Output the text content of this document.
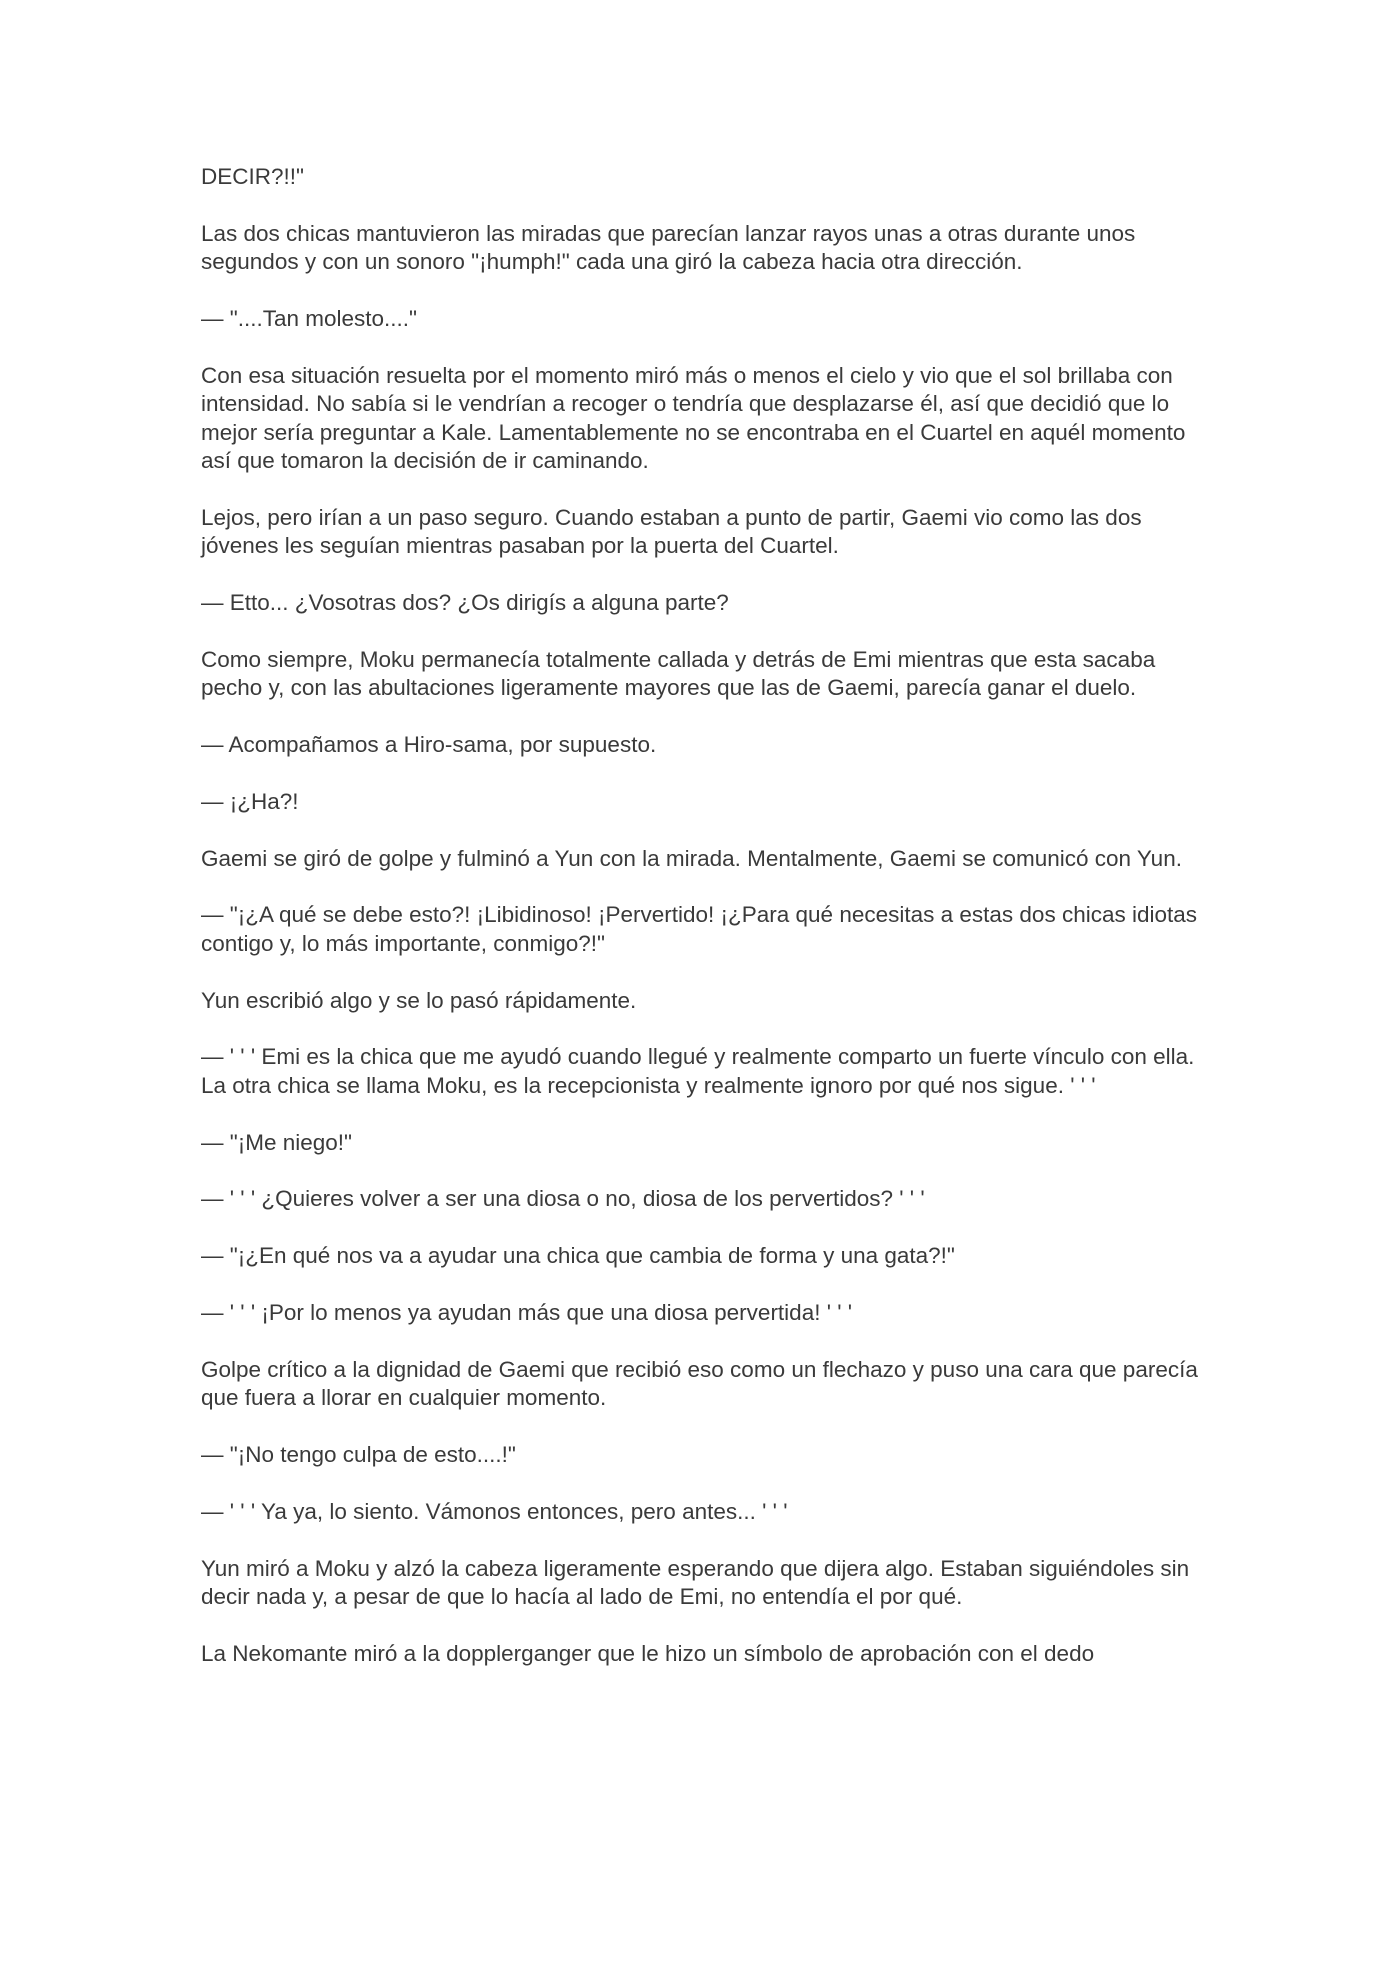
DECIR?!!"

Las dos chicas mantuvieron las miradas que parecían lanzar rayos unas a otras durante unos segundos y con un sonoro "¡humph!" cada una giró la cabeza hacia otra dirección.

— "....Tan molesto...."

Con esa situación resuelta por el momento miró más o menos el cielo y vio que el sol brillaba con intensidad. No sabía si le vendrían a recoger o tendría que desplazarse él, así que decidió que lo mejor sería preguntar a Kale. Lamentablemente no se encontraba en el Cuartel en aquél momento así que tomaron la decisión de ir caminando.

Lejos, pero irían a un paso seguro. Cuando estaban a punto de partir, Gaemi vio como las dos jóvenes les seguían mientras pasaban por la puerta del Cuartel.

— Etto... ¿Vosotras dos? ¿Os dirigís a alguna parte?

Como siempre, Moku permanecía totalmente callada y detrás de Emi mientras que esta sacaba pecho y, con las abultaciones ligeramente mayores que las de Gaemi, parecía ganar el duelo.

— Acompañamos a Hiro-sama, por supuesto.

— ¡¿Ha?!

Gaemi se giró de golpe y fulminó a Yun con la mirada. Mentalmente, Gaemi se comunicó con Yun.

— "¡¿A qué se debe esto?! ¡Libidinoso! ¡Pervertido! ¡¿Para qué necesitas a estas dos chicas idiotas contigo y, lo más importante, conmigo?!"

Yun escribió algo y se lo pasó rápidamente.

— ' ' ' Emi es la chica que me ayudó cuando llegué y realmente comparto un fuerte vínculo con ella. La otra chica se llama Moku, es la recepcionista y realmente ignoro por qué nos sigue. ' ' '

— "¡Me niego!"

— ' ' ' ¿Quieres volver a ser una diosa o no, diosa de los pervertidos? ' ' '

— "¡¿En qué nos va a ayudar una chica que cambia de forma y una gata?!"

— ' ' ' ¡Por lo menos ya ayudan más que una diosa pervertida! ' ' '

Golpe crítico a la dignidad de Gaemi que recibió eso como un flechazo y puso una cara que parecía que fuera a llorar en cualquier momento.

— "¡No tengo culpa de esto....!"

— ' ' ' Ya ya, lo siento. Vámonos entonces, pero antes... ' ' '

Yun miró a Moku y alzó la cabeza ligeramente esperando que dijera algo. Estaban siguiéndoles sin decir nada y, a pesar de que lo hacía al lado de Emi, no entendía el por qué.

La Nekomante miró a la dopplerganger que le hizo un símbolo de aprobación con el dedo
